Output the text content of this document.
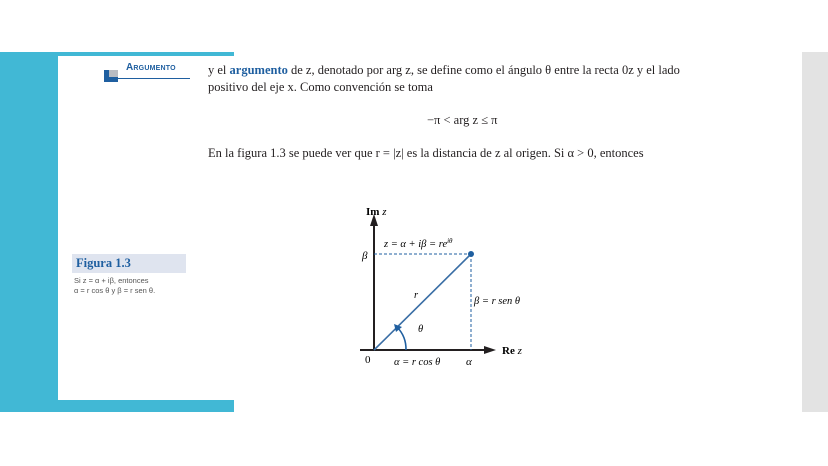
Argumento	y el argumento de z, denotado por arg z, se define como el ángulo θ entre la recta 0z y el lado
positivo del eje x. Como convención se toma
−π < arg z ≤ π
En la figura 1.3 se puede ver que r = |z| es la distancia de z al origen. Si α > 0, entonces
Figura 1.3
Si z = α + iβ, entonces
α = r cos θ y β = r sen θ.
Im z
Re z
$z = \alpha + i\beta = re^{i\theta}$
β
α
0
r
θ
β = r sen θ
α = r cos θ
